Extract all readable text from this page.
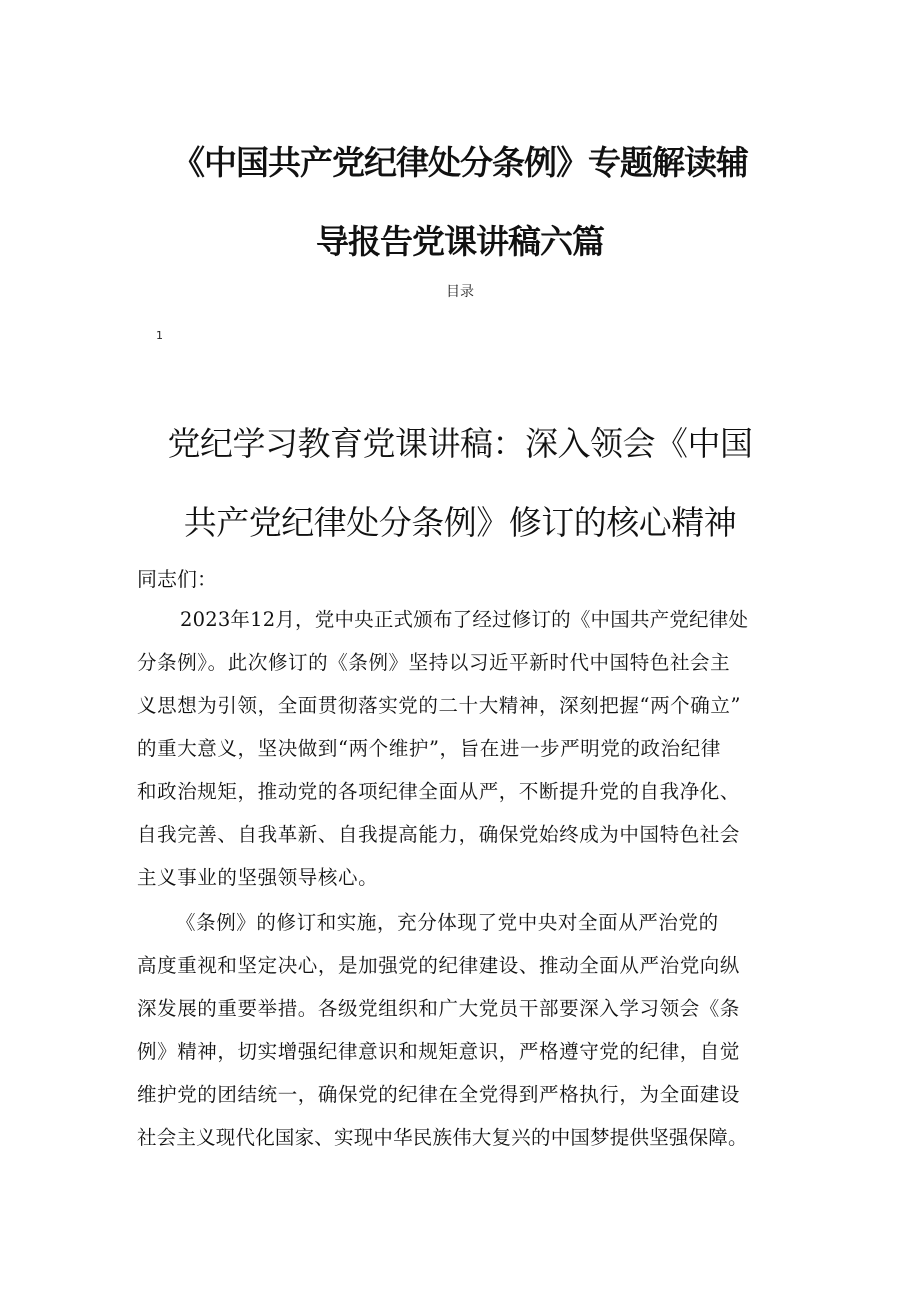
《中国共产党纪律处分条例》专题解读辅
导报告党课讲稿六篇
目录
1
党纪学习教育党课讲稿：深入领会《中国
共产党纪律处分条例》修订的核心精神
同志们：
2023年12月，党中央正式颁布了经过修订的《中国共产党纪律处
分条例》。此次修订的《条例》坚持以习近平新时代中国特色社会主
义思想为引领，全面贯彻落实党的二十大精神，深刻把握“两个确立”
的重大意义，坚决做到“两个维护”，旨在进一步严明党的政治纪律
和政治规矩，推动党的各项纪律全面从严，不断提升党的自我净化、
自我完善、自我革新、自我提高能力，确保党始终成为中国特色社会
主义事业的坚强领导核心。
《条例》的修订和实施，充分体现了党中央对全面从严治党的
高度重视和坚定决心，是加强党的纪律建设、推动全面从严治党向纵
深发展的重要举措。各级党组织和广大党员干部要深入学习领会《条
例》精神，切实增强纪律意识和规矩意识，严格遵守党的纪律，自觉
维护党的团结统一，确保党的纪律在全党得到严格执行，为全面建设
社会主义现代化国家、实现中华民族伟大复兴的中国梦提供坚强保障。
